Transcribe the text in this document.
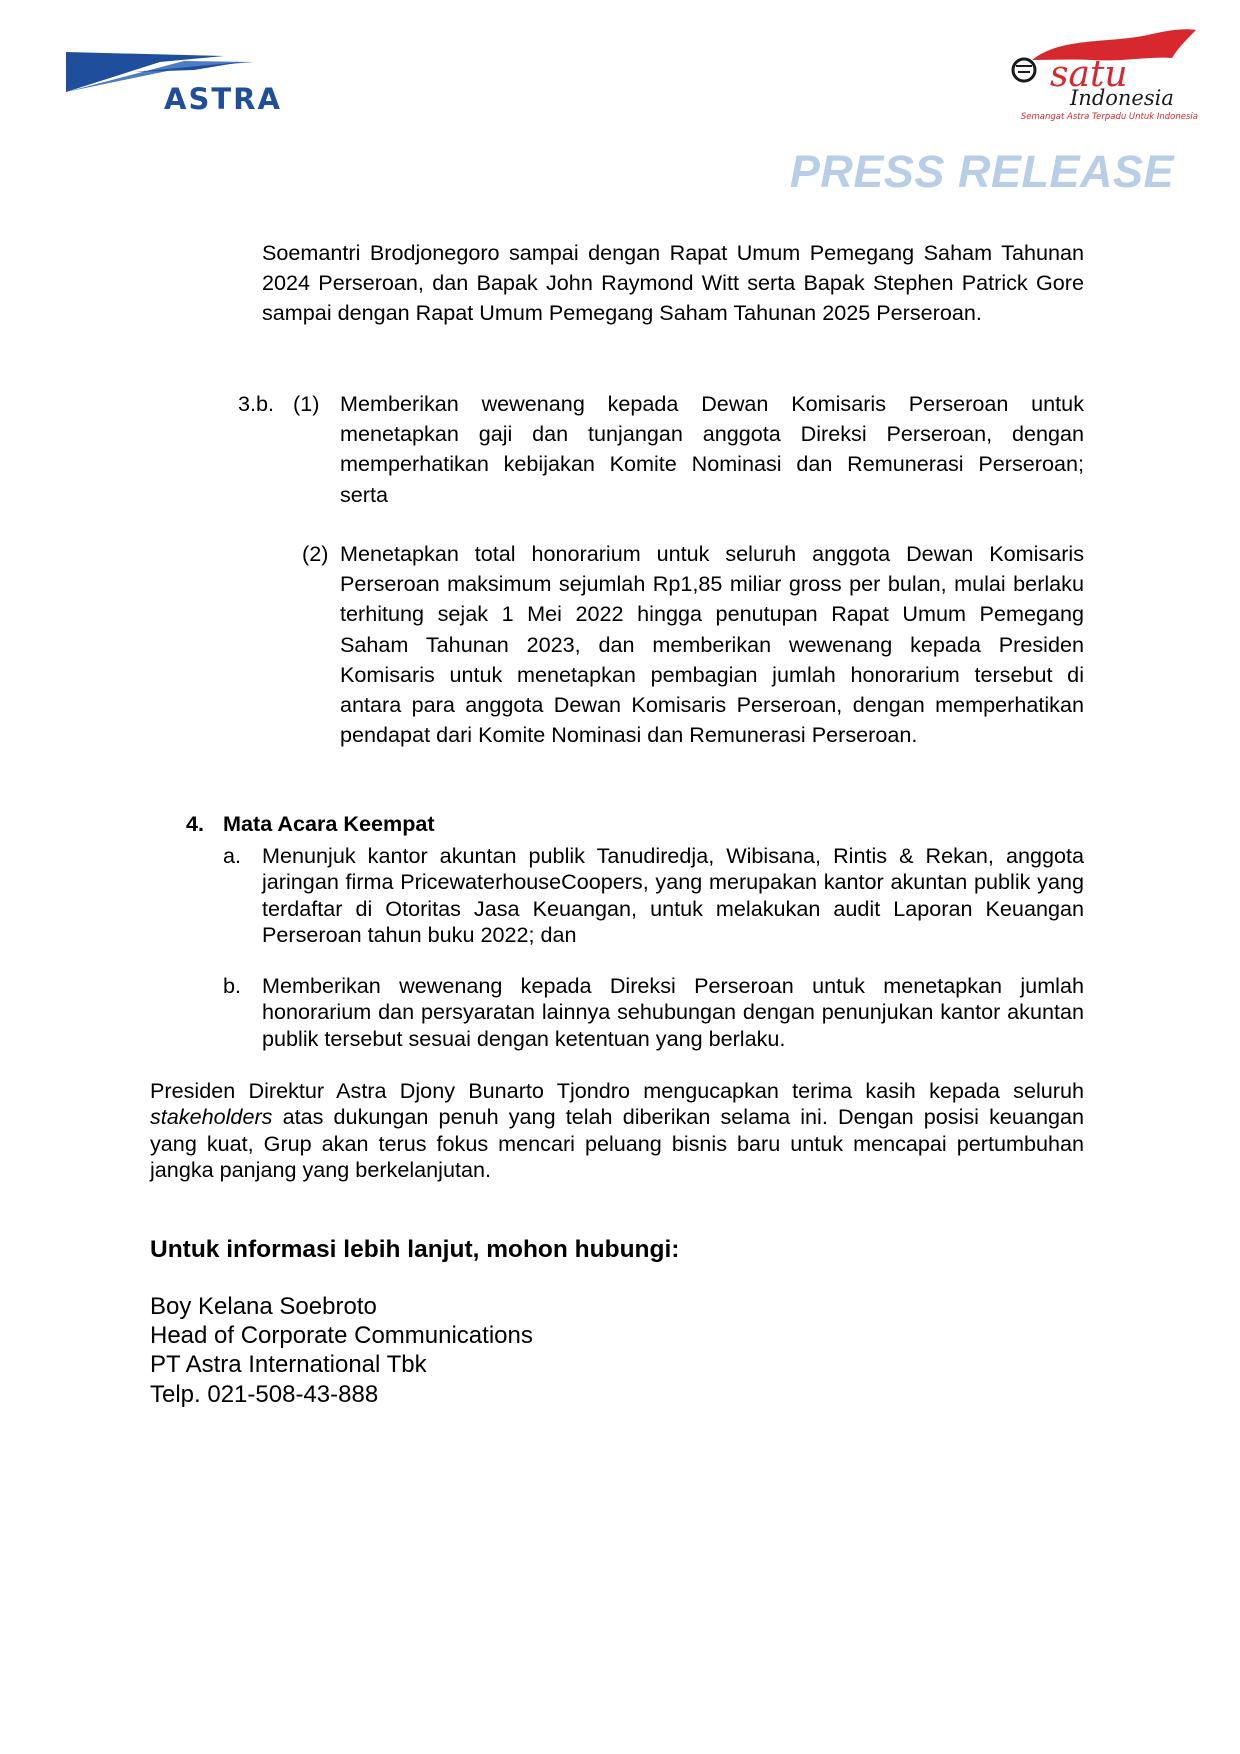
ASTRA
satu
Indonesia
Semangat Astra Terpadu Untuk Indonesia
PRESS RELEASE
Soemantri Brodjonegoro sampai dengan Rapat Umum Pemegang Saham Tahunan 2024 Perseroan, dan Bapak John Raymond Witt serta Bapak Stephen Patrick Gore sampai dengan Rapat Umum Pemegang Saham Tahunan 2025 Perseroan.
3.b. (1) Memberikan wewenang kepada Dewan Komisaris Perseroan untuk menetapkan gaji dan tunjangan anggota Direksi Perseroan, dengan memperhatikan kebijakan Komite Nominasi dan Remunerasi Perseroan; serta
(2) Menetapkan total honorarium untuk seluruh anggota Dewan Komisaris Perseroan maksimum sejumlah Rp1,85 miliar gross per bulan, mulai berlaku terhitung sejak 1 Mei 2022 hingga penutupan Rapat Umum Pemegang Saham Tahunan 2023, dan memberikan wewenang kepada Presiden Komisaris untuk menetapkan pembagian jumlah honorarium tersebut di antara para anggota Dewan Komisaris Perseroan, dengan memperhatikan pendapat dari Komite Nominasi dan Remunerasi Perseroan.
4. Mata Acara Keempat
a. Menunjuk kantor akuntan publik Tanudiredja, Wibisana, Rintis & Rekan, anggota jaringan firma PricewaterhouseCoopers, yang merupakan kantor akuntan publik yang terdaftar di Otoritas Jasa Keuangan, untuk melakukan audit Laporan Keuangan Perseroan tahun buku 2022; dan
b. Memberikan wewenang kepada Direksi Perseroan untuk menetapkan jumlah honorarium dan persyaratan lainnya sehubungan dengan penunjukan kantor akuntan publik tersebut sesuai dengan ketentuan yang berlaku.
Presiden Direktur Astra Djony Bunarto Tjondro mengucapkan terima kasih kepada seluruh stakeholders atas dukungan penuh yang telah diberikan selama ini. Dengan posisi keuangan yang kuat, Grup akan terus fokus mencari peluang bisnis baru untuk mencapai pertumbuhan jangka panjang yang berkelanjutan.
Untuk informasi lebih lanjut, mohon hubungi:
Boy Kelana Soebroto
Head of Corporate Communications
PT Astra International Tbk
Telp. 021-508-43-888
